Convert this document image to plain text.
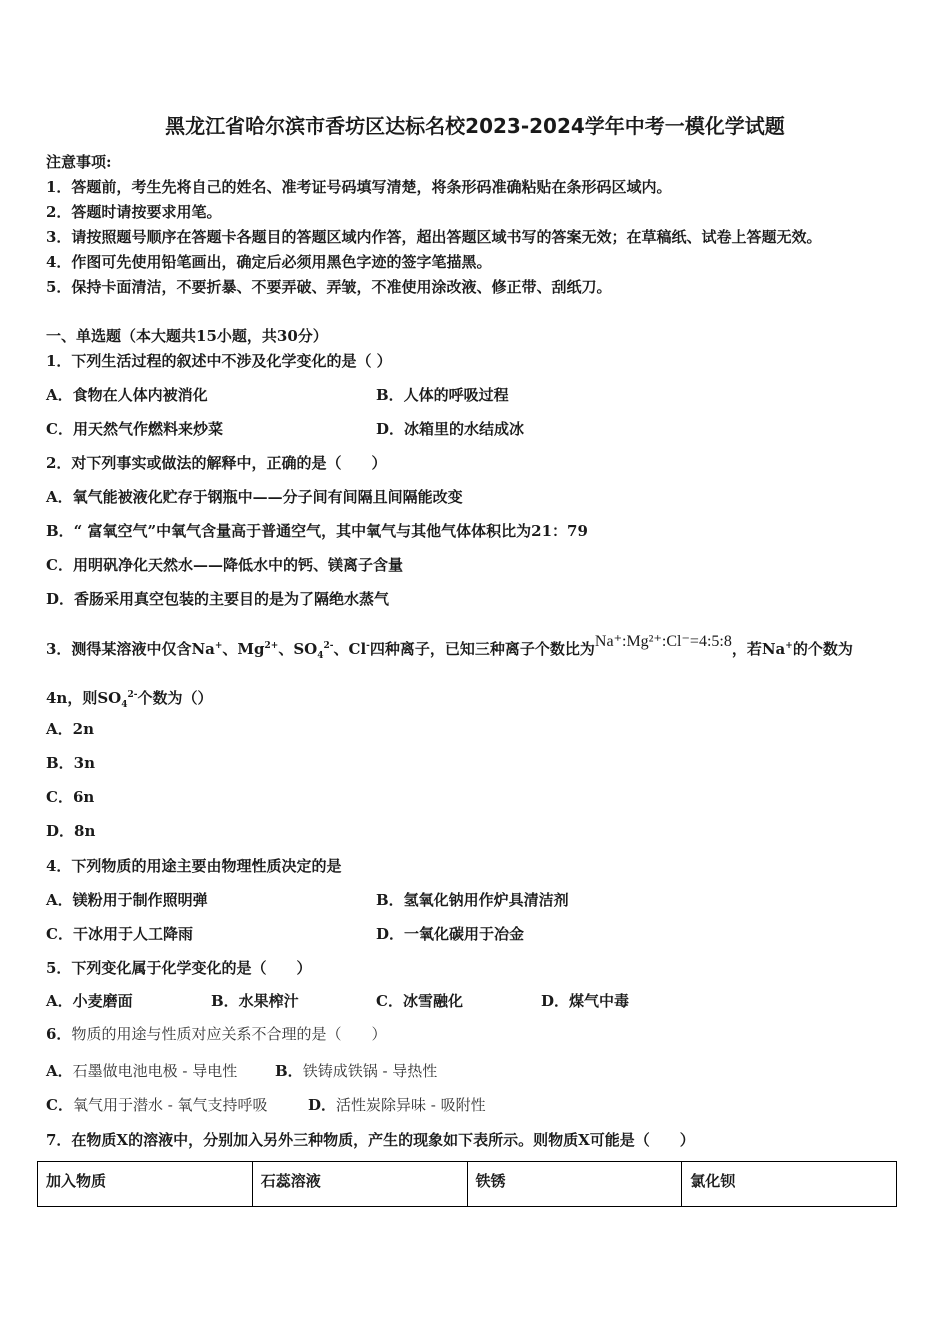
黑龙江省哈尔滨市香坊区达标名校2023-2024学年中考一模化学试题
注意事项:
1．答题前，考生先将自己的姓名、准考证号码填写清楚，将条形码准确粘贴在条形码区域内。
2．答题时请按要求用笔。
3．请按照题号顺序在答题卡各题目的答题区域内作答，超出答题区域书写的答案无效；在草稿纸、试卷上答题无效。
4．作图可先使用铅笔画出，确定后必须用黑色字迹的签字笔描黑。
5．保持卡面清洁，不要折暴、不要弄破、弄皱，不准使用涂改液、修正带、刮纸刀。
一、单选题（本大题共15小题，共30分）
1．下列生活过程的叙述中不涉及化学变化的是（ ）
A．食物在人体内被消化	B．人体的呼吸过程
C．用天然气作燃料来炒菜	D．冰箱里的水结成冰
2．对下列事实或做法的解释中，正确的是（　　）
A．氧气能被液化贮存于钢瓶中——分子间有间隔且间隔能改变
B．“ 富氧空气”中氧气含量高于普通空气，其中氧气与其他气体体积比为21：79
C．用明矾净化天然水——降低水中的钙、镁离子含量
D．香肠采用真空包装的主要目的是为了隔绝水蒸气
3．测得某溶液中仅含Na+、$Mg^{2+}$、$SO_4^{2-}$、Cl-四种离子，已知三种离子个数比为Na⁺:Mg²⁺:Cl⁻=4:5:8，若Na+的个数为
4n，则$SO_4^{2-}$个数为（）
A．2n
B．3n
C．6n
D．8n
4．下列物质的用途主要由物理性质决定的是
A．镁粉用于制作照明弹	B．氢氧化钠用作炉具清洁剂
C．干冰用于人工降雨	D．一氧化碳用于冶金
5．下列变化属于化学变化的是（　　）
A．小麦磨面	B．水果榨汁	C．冰雪融化	D．煤气中毒
6．物质的用途与性质对应关系不合理的是（　　）
A．石墨做电池电极 - 导电性	B．铁铸成铁锅 - 导热性
C．氧气用于潜水 - 氧气支持呼吸	D．活性炭除异味 - 吸附性
7．在物质X的溶液中，分别加入另外三种物质，产生的现象如下表所示。则物质X可能是（　　）
加入物质	石蕊溶液	铁锈	氯化钡
